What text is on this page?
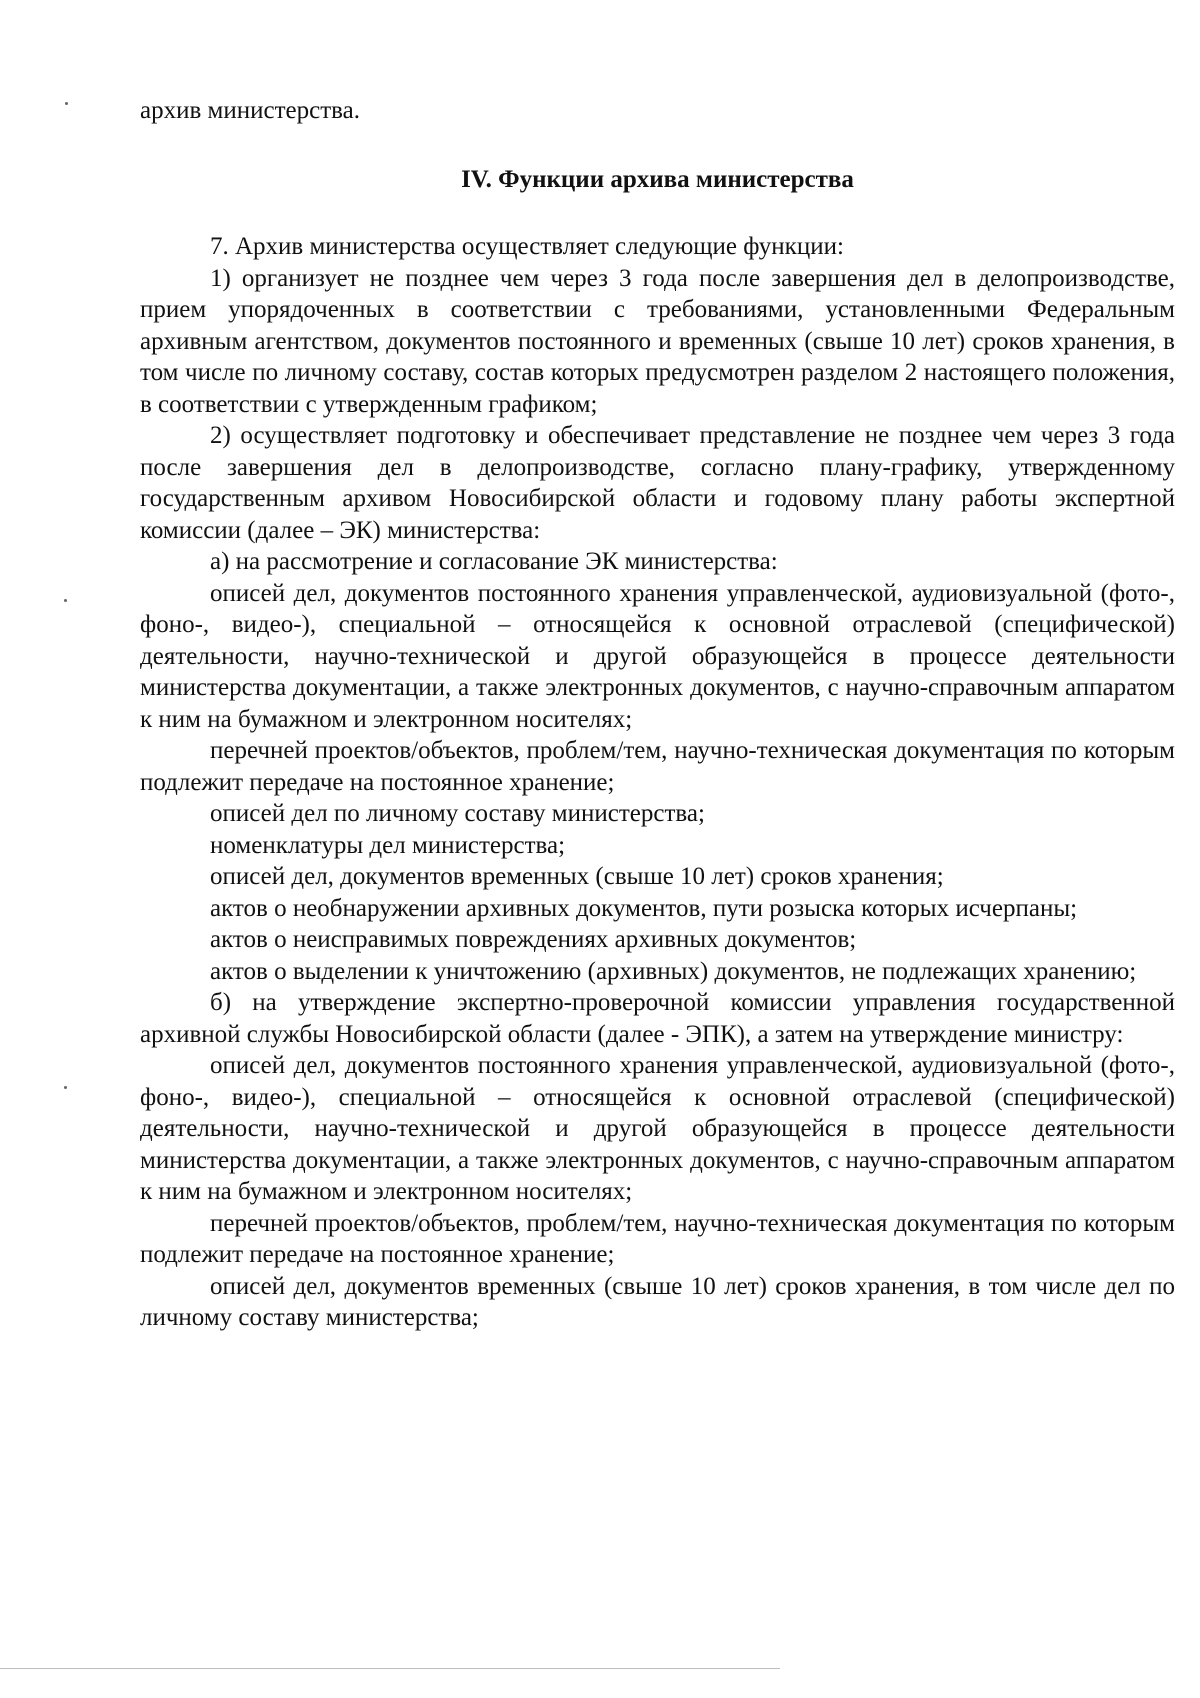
архив министерства.

IV. Функции архива министерства

7. Архив министерства осуществляет следующие функции:

1) организует не позднее чем через 3 года после завершения дел в делопроизводстве, прием упорядоченных в соответствии с требованиями, установленными Федеральным архивным агентством, документов постоянного и временных (свыше 10 лет) сроков хранения, в том числе по личному составу, состав которых предусмотрен разделом 2 настоящего положения, в соответствии с утвержденным графиком;

2) осуществляет подготовку и обеспечивает представление не позднее чем через 3 года после завершения дел в делопроизводстве, согласно плану-графику, утвержденному государственным архивом Новосибирской области и годовому плану работы экспертной комиссии (далее – ЭК) министерства:

а) на рассмотрение и согласование ЭК министерства:

описей дел, документов постоянного хранения управленческой, аудиовизуальной (фото-, фоно-, видео-), специальной – относящейся к основной отраслевой (специфической) деятельности, научно-технической и другой образующейся в процессе деятельности министерства документации, а также электронных документов, с научно-справочным аппаратом к ним на бумажном и электронном носителях;

перечней проектов/объектов, проблем/тем, научно-техническая документация по которым подлежит передаче на постоянное хранение;

описей дел по личному составу министерства;

номенклатуры дел министерства;

описей дел, документов временных (свыше 10 лет) сроков хранения;

актов о необнаружении архивных документов, пути розыска которых исчерпаны;

актов о неисправимых повреждениях архивных документов;

актов о выделении к уничтожению (архивных) документов, не подлежащих хранению;

б) на утверждение экспертно-проверочной комиссии управления государственной архивной службы Новосибирской области (далее - ЭПК), а затем на утверждение министру:

описей дел, документов постоянного хранения управленческой, аудиовизуальной (фото-, фоно-, видео-), специальной – относящейся к основной отраслевой (специфической) деятельности, научно-технической и другой образующейся в процессе деятельности министерства документации, а также электронных документов, с научно-справочным аппаратом к ним на бумажном и электронном носителях;

перечней проектов/объектов, проблем/тем, научно-техническая документация по которым подлежит передаче на постоянное хранение;

описей дел, документов временных (свыше 10 лет) сроков хранения, в том числе дел по личному составу министерства;
